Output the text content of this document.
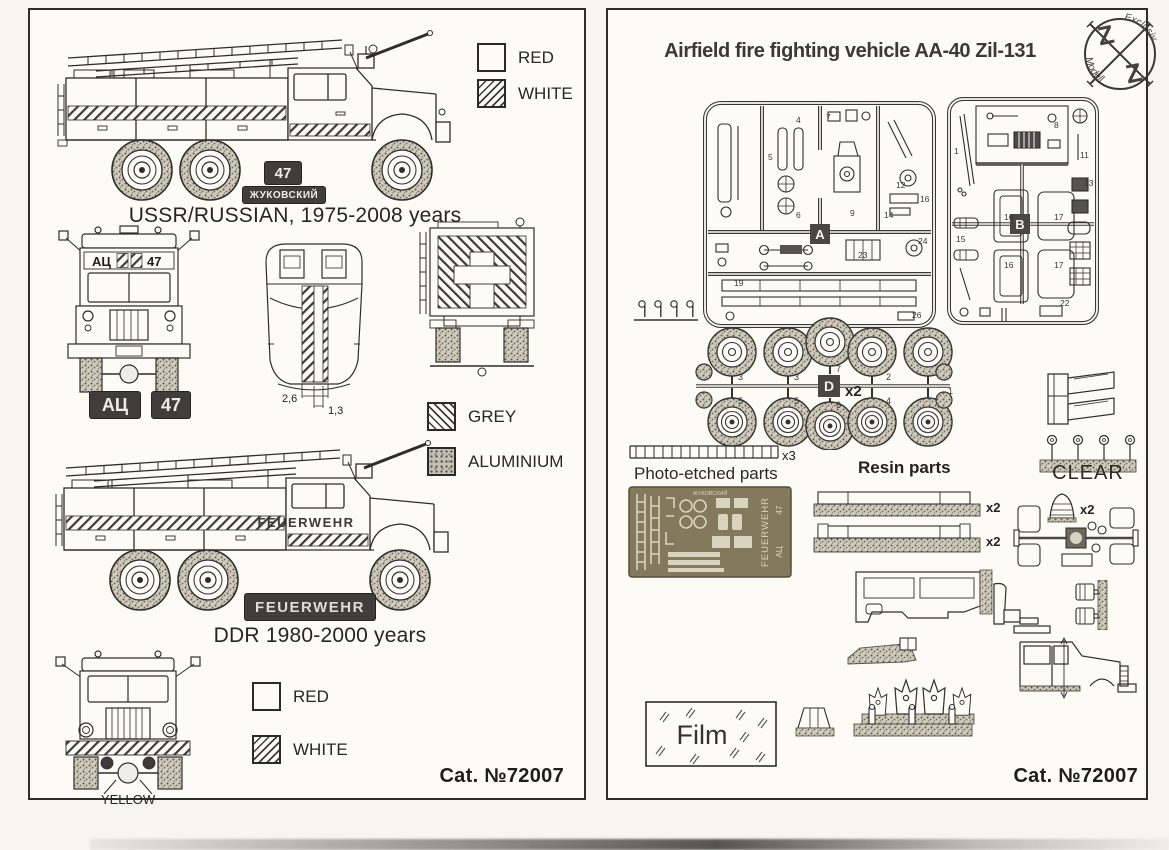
47
ЖУКОВСКИЙ
RED
WHITE
USSR/RUSSIAN, 1975-2008 years
АЦ	47
2,6
1,3
АЦ 47
GREY
ALUMINIUM
FEUERWEHR
FEUERWEHR
DDR 1980-2000 years
YELLOW
RED
WHITE
Cat. №72007
Airfield fire fighting vehicle AA-40 Zil-131	Z
Z
Exclusiv
Modell
A
4
5
6
7
9
12
14
16
19
23
24
26
B
1
8
11
13
15
16	17
16	17
22
D x2
3
5
3
5
7
6
2
4
1
x3
Photo-etched parts	Resin parts
ЖУКОВСКИЙ
FEUERWEHR АЦ
47	x2
x2
CLEAR
x2
Film
Cat. №72007
